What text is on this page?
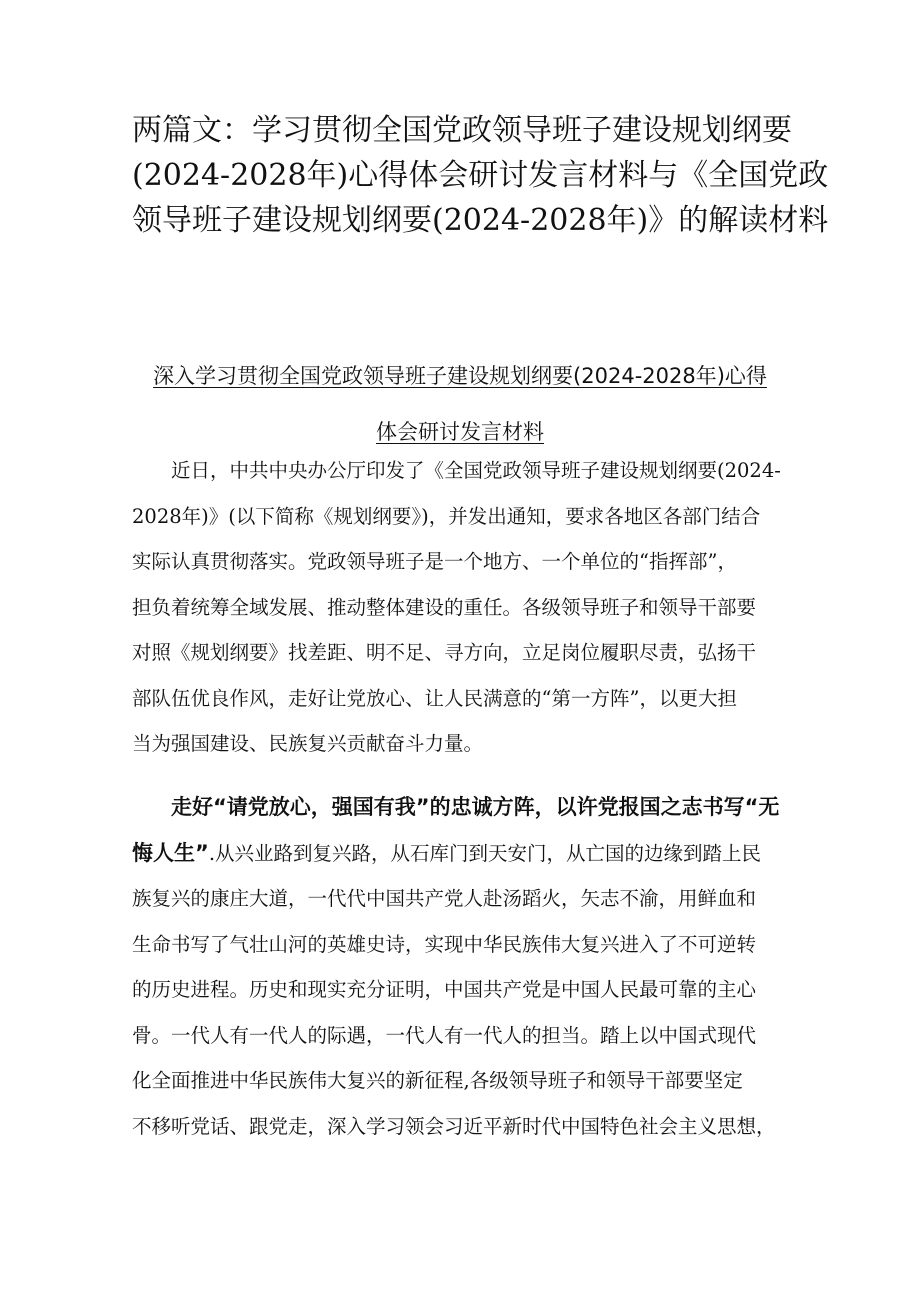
两篇文：学习贯彻全国党政领导班子建设规划纲要
(2024-2028年)心得体会研讨发言材料与《全国党政
领导班子建设规划纲要(2024-2028年)》的解读材料
深入学习贯彻全国党政领导班子建设规划纲要(2024-2028年)心得
体会研讨发言材料
近日，中共中央办公厅印发了《全国党政领导班子建设规划纲要(2024-
2028年)》(以下简称《规划纲要》)，并发出通知，要求各地区各部门结合
实际认真贯彻落实。党政领导班子是一个地方、一个单位的“指挥部”，
担负着统筹全域发展、推动整体建设的重任。各级领导班子和领导干部要
对照《规划纲要》找差距、明不足、寻方向，立足岗位履职尽责，弘扬干
部队伍优良作风，走好让党放心、让人民满意的“第一方阵”，以更大担
当为强国建设、民族复兴贡献奋斗力量。
走好“请党放心，强国有我”的忠诚方阵，以许党报国之志书写“无
悔人生”.从兴业路到复兴路，从石库门到天安门，从亡国的边缘到踏上民
族复兴的康庄大道，一代代中国共产党人赴汤蹈火，矢志不渝，用鲜血和
生命书写了气壮山河的英雄史诗，实现中华民族伟大复兴进入了不可逆转
的历史进程。历史和现实充分证明，中国共产党是中国人民最可靠的主心
骨。一代人有一代人的际遇，一代人有一代人的担当。踏上以中国式现代
化全面推进中华民族伟大复兴的新征程,各级领导班子和领导干部要坚定
不移听党话、跟党走，深入学习领会习近平新时代中国特色社会主义思想，
